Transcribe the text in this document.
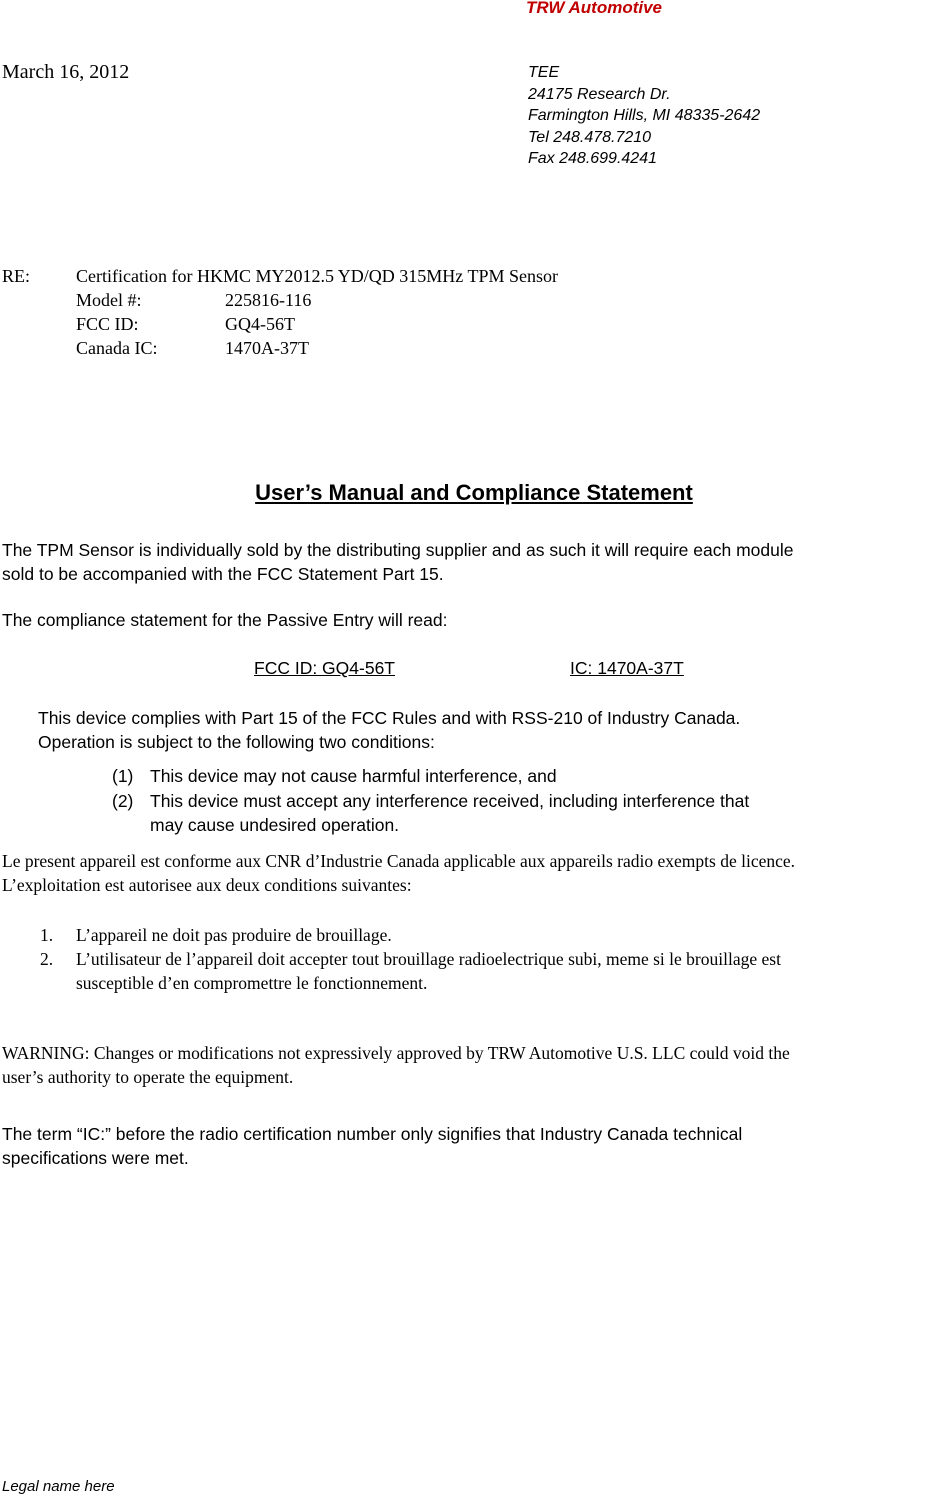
TRW Automotive
March 16, 2012	TEE
24175 Research Dr.
Farmington Hills, MI 48335-2642
Tel 248.478.7210
Fax 248.699.4241
RE:	Certification for HKMC MY2012.5 YD/QD 315MHz TPM Sensor
Model #:	225816-116
FCC ID:	GQ4-56T
Canada IC:	1470A-37T
User’s Manual and Compliance Statement
The TPM Sensor is individually sold by the distributing supplier and as such it will require each module
sold to be accompanied with the FCC Statement Part 15.
The compliance statement for the Passive Entry will read:
FCC ID: GQ4-56T	IC: 1470A-37T
This device complies with Part 15 of the FCC Rules and with RSS-210 of Industry Canada.
Operation is subject to the following two conditions:
(1) This device may not cause harmful interference, and
(2) This device must accept any interference received, including interference that
may cause undesired operation.
Le present appareil est conforme aux CNR d’Industrie Canada applicable aux appareils radio exempts de licence.
L’exploitation est autorisee aux deux conditions suivantes:
1. L’appareil ne doit pas produire de brouillage.
2. L’utilisateur de l’appareil doit accepter tout brouillage radioelectrique subi, meme si le brouillage est
susceptible d’en compromettre le fonctionnement.
WARNING: Changes or modifications not expressively approved by TRW Automotive U.S. LLC could void the
user’s authority to operate the equipment.
The term “IC:” before the radio certification number only signifies that Industry Canada technical
specifications were met.
Legal name here
